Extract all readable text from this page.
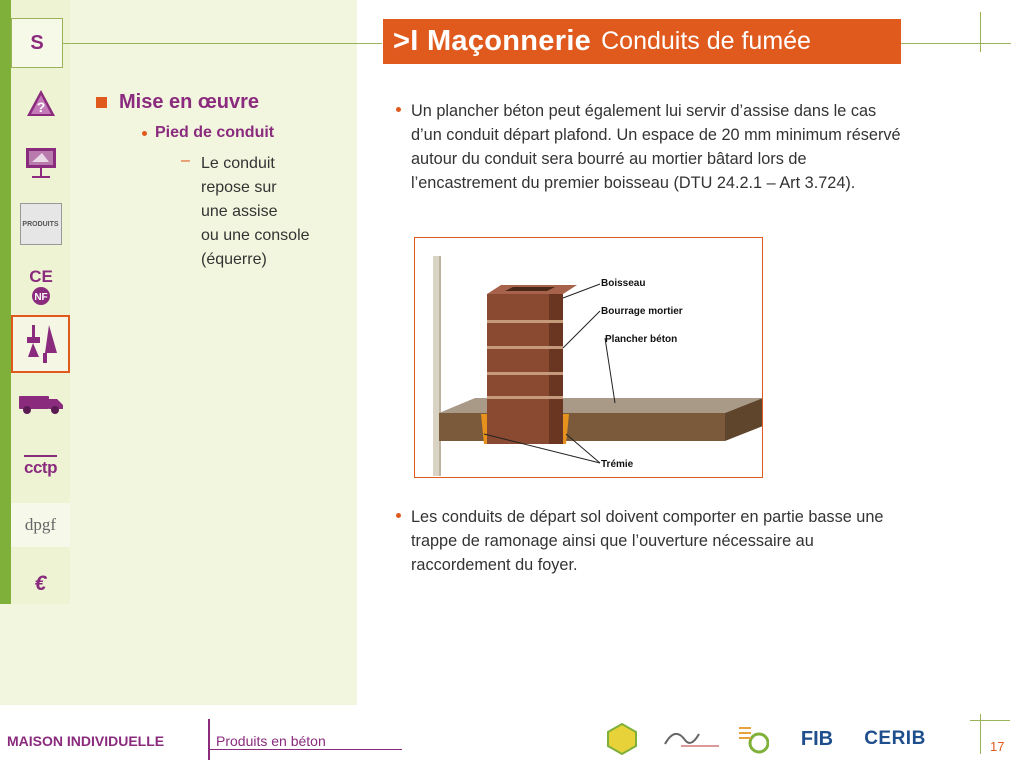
>I Maçonnerie Conduits de fumée
S
?
PRODUITS
CE
NF
cctp
dpgf
€
Mise en œuvre
Pied de conduit
– Le conduit
repose sur
une assise
ou une console
(équerre)
Un plancher béton peut également lui servir d’assise dans le cas d’un conduit départ plafond. Un espace de 20 mm minimum réservé autour du conduit sera bourré au mortier bâtard lors de l’encastrement du premier boisseau (DTU 24.2.1 – Art 3.724).
Boisseau
Bourrage mortier
Plancher béton
Trémie
Les conduits de départ sol doivent comporter en partie basse une trappe de ramonage ainsi que l’ouverture nécessaire au raccordement du foyer.
MAISON INDIVIDUELLE	Produits en béton	FIB CERIB	17
